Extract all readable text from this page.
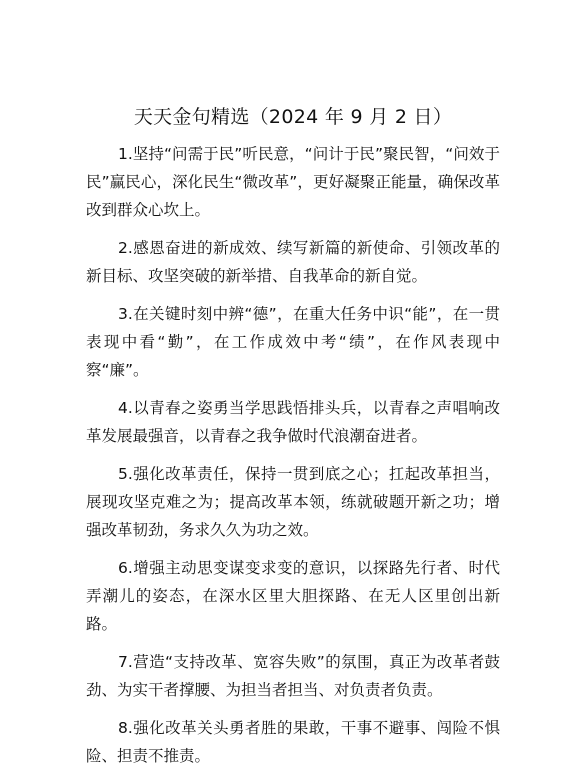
天天金句精选（2024 年 9 月 2 日）

1.坚持“问需于民”听民意，“问计于民”聚民智，“问效于民”赢民心，深化民生“微改革”，更好凝聚正能量，确保改革改到群众心坎上。

2.感恩奋进的新成效、续写新篇的新使命、引领改革的新目标、攻坚突破的新举措、自我革命的新自觉。

3.在关键时刻中辨“德”，在重大任务中识“能”，在一贯表现中看“勤”，在工作成效中考“绩”，在作风表现中察“廉”。

4.以青春之姿勇当学思践悟排头兵，以青春之声唱响改革发展最强音，以青春之我争做时代浪潮奋进者。

5.强化改革责任，保持一贯到底之心；扛起改革担当，展现攻坚克难之为；提高改革本领，练就破题开新之功；增强改革韧劲，务求久久为功之效。

6.增强主动思变谋变求变的意识，以探路先行者、时代弄潮儿的姿态，在深水区里大胆探路、在无人区里创出新路。

7.营造“支持改革、宽容失败”的氛围，真正为改革者鼓劲、为实干者撑腰、为担当者担当、对负责者负责。

8.强化改革关头勇者胜的果敢，干事不避事、闯险不惧险、担责不推责。
